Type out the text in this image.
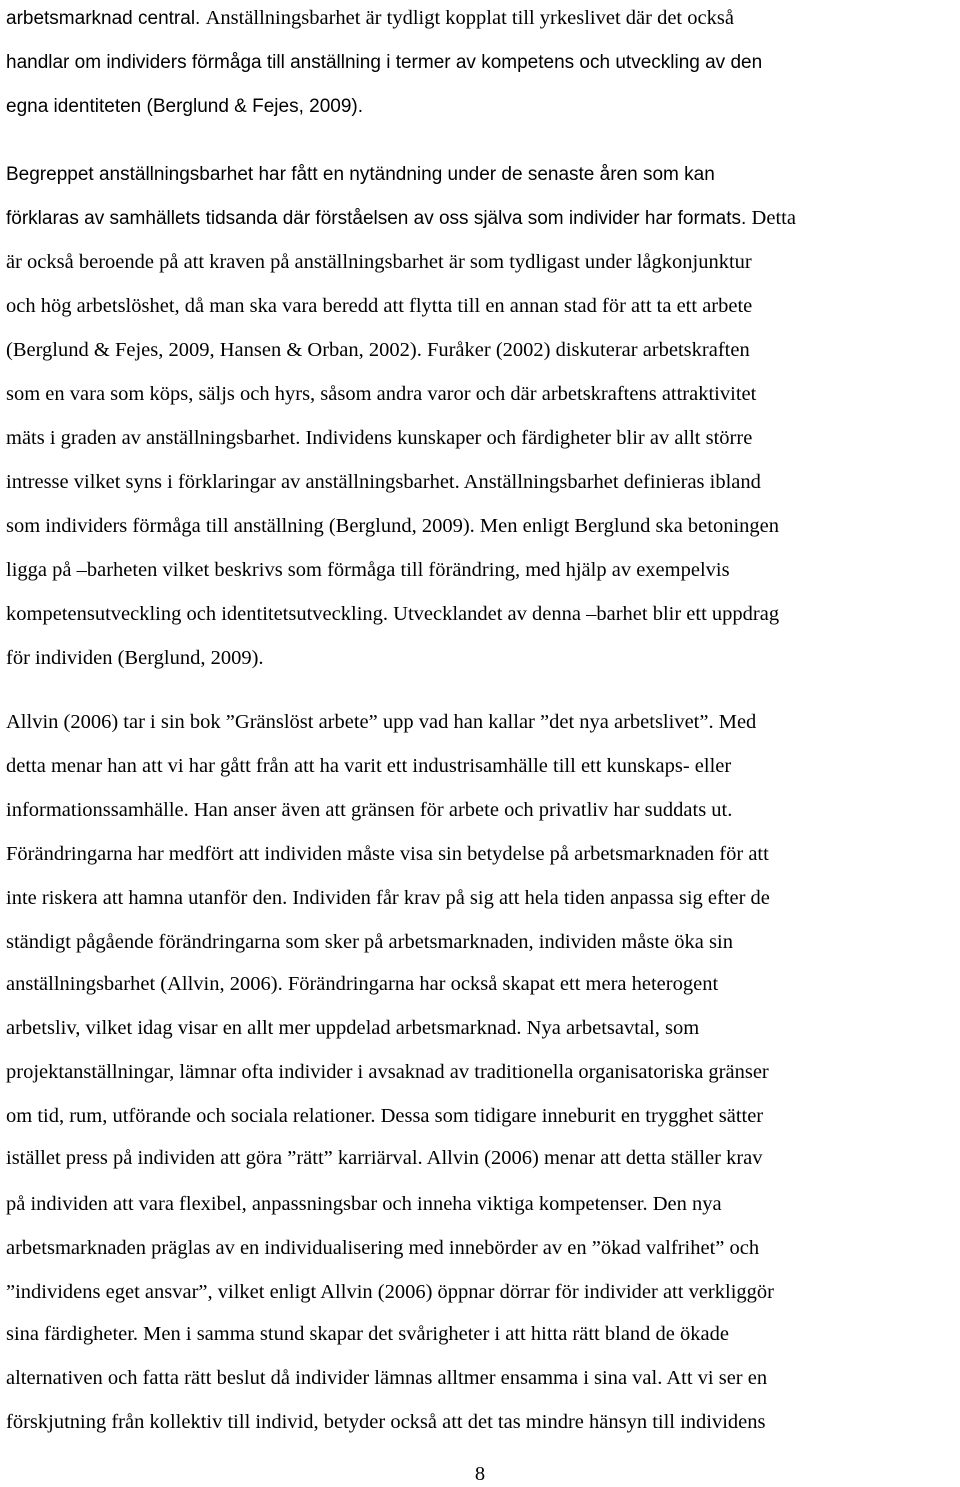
arbetsmarknad central. Anställningsbarhet är tydligt kopplat till yrkeslivet där det också
handlar om individers förmåga till anställning i termer av kompetens och utveckling av den
egna identiteten (Berglund & Fejes, 2009).
Begreppet anställningsbarhet har fått en nytändning under de senaste åren som kan
förklaras av samhällets tidsanda där förståelsen av oss själva som individer har formats. Detta
är också beroende på att kraven på anställningsbarhet är som tydligast under lågkonjunktur
och hög arbetslöshet, då man ska vara beredd att flytta till en annan stad för att ta ett arbete
(Berglund & Fejes, 2009, Hansen & Orban, 2002). Furåker (2002) diskuterar arbetskraften
som en vara som köps, säljs och hyrs, såsom andra varor och där arbetskraftens attraktivitet
mäts i graden av anställningsbarhet. Individens kunskaper och färdigheter blir av allt större
intresse vilket syns i förklaringar av anställningsbarhet. Anställningsbarhet definieras ibland
som individers förmåga till anställning (Berglund, 2009). Men enligt Berglund ska betoningen
ligga på –barheten vilket beskrivs som förmåga till förändring, med hjälp av exempelvis
kompetensutveckling och identitetsutveckling. Utvecklandet av denna –barhet blir ett uppdrag
för individen (Berglund, 2009).
Allvin (2006) tar i sin bok ”Gränslöst arbete” upp vad han kallar ”det nya arbetslivet”. Med
detta menar han att vi har gått från att ha varit ett industrisamhälle till ett kunskaps- eller
informationssamhälle. Han anser även att gränsen för arbete och privatliv har suddats ut.
Förändringarna har medfört att individen måste visa sin betydelse på arbetsmarknaden för att
inte riskera att hamna utanför den. Individen får krav på sig att hela tiden anpassa sig efter de
ständigt pågående förändringarna som sker på arbetsmarknaden, individen måste öka sin
anställningsbarhet (Allvin, 2006). Förändringarna har också skapat ett mera heterogent
arbetsliv, vilket idag visar en allt mer uppdelad arbetsmarknad. Nya arbetsavtal, som
projektanställningar, lämnar ofta individer i avsaknad av traditionella organisatoriska gränser
om tid, rum, utförande och sociala relationer. Dessa som tidigare inneburit en trygghet sätter
istället press på individen att göra ”rätt” karriärval. Allvin (2006) menar att detta ställer krav
på individen att vara flexibel, anpassningsbar och inneha viktiga kompetenser. Den nya
arbetsmarknaden präglas av en individualisering med innebörder av en ”ökad valfrihet” och
”individens eget ansvar”, vilket enligt Allvin (2006) öppnar dörrar för individer att verkliggör
sina färdigheter. Men i samma stund skapar det svårigheter i att hitta rätt bland de ökade
alternativen och fatta rätt beslut då individer lämnas alltmer ensamma i sina val. Att vi ser en
förskjutning från kollektiv till individ, betyder också att det tas mindre hänsyn till individens
8
